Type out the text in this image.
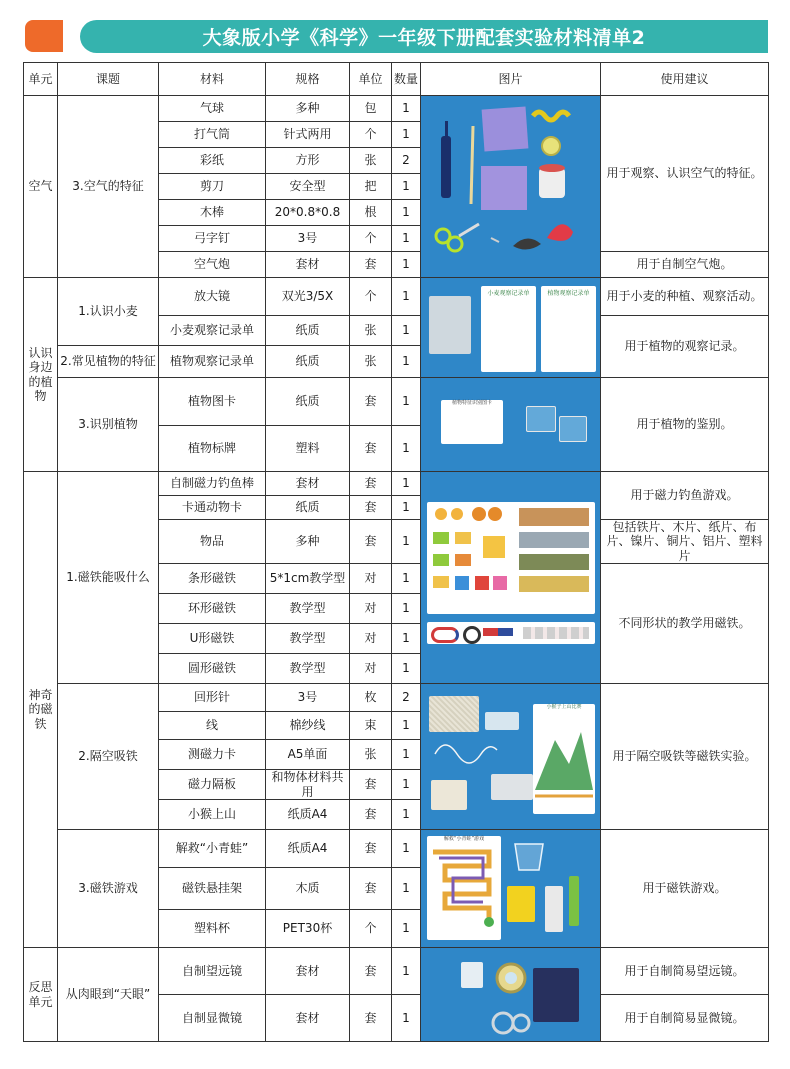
大象版小学《科学》一年级下册配套实验材料清单2
单元	课题	材料	规格	单位	数量	图片	使用建议
空气	3.空气的特征	气球	多种	包	1		用于观察、认识空气的特征。
		打气筒	针式两用	个	1		
		彩纸	方形	张	2		
		剪刀	安全型	把	1		
		木棒	20*0.8*0.8	根	1		
		弓字钉	3号	个	1		
		空气炮	套材	套	1		用于自制空气炮。
认识身边的植物	1.认识小麦	放大镜	双光3/5X	个	1	小麦观察记录单 植物观察记录单	用于小麦的种植、观察活动。
		小麦观察记录单	纸质	张	1		用于植物的观察记录。
	2.常见植物的特征	植物观察记录单	纸质	张	1		
	3.识别植物	植物图卡	纸质	套	1	植物特征识别图卡	用于植物的鉴别。
		植物标牌	塑料	套	1		
神奇的磁铁	1.磁铁能吸什么	自制磁力钓鱼棒	套材	套	1		用于磁力钓鱼游戏。
		卡通动物卡	纸质	套	1		
		物品	多种	套	1		包括铁片、木片、纸片、布片、镍片、铜片、铝片、塑料片
		条形磁铁	5*1cm教学型	对	1		不同形状的教学用磁铁。
		环形磁铁	教学型	对	1		
		U形磁铁	教学型	对	1		
		圆形磁铁	教学型	对	1		
	2.隔空吸铁	回形针	3号	枚	2	小猴子上山比赛	用于隔空吸铁等磁铁实验。
		线	棉纱线	束	1		
		测磁力卡	A5单面	张	1		
		磁力隔板	和物体材料共用	套	1		
		小猴上山	纸质A4	套	1		
	3.磁铁游戏	解救“小青蛙”	纸质A4	套	1	解救“小青蛙”游戏	用于磁铁游戏。
		磁铁悬挂架	木质	套	1		
		塑料杯	PET30杯	个	1		
反思单元	从肉眼到“天眼”	自制望远镜	套材	套	1		用于自制简易望远镜。
		自制显微镜	套材	套	1		用于自制简易显微镜。
